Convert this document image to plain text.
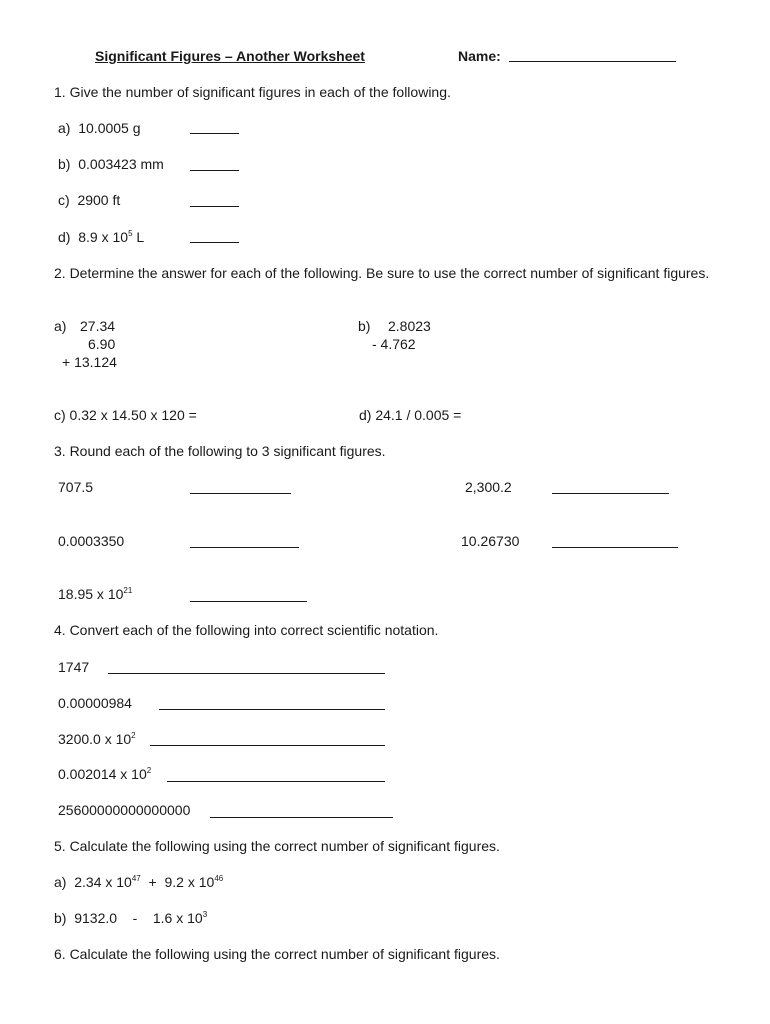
Significant Figures – Another Worksheet	Name:
1. Give the number of significant figures in each of the following.
a) 10.0005 g
b) 0.003423 mm
c) 2900 ft
d) 8.9 x $10^5$ L
2. Determine the answer for each of the following. Be sure to use the correct number of significant figures.
a) 27.34
6.90
+ 13.124
b) 2.8023
- 4.762
c) 0.32 x 14.50 x 120 =	d) 24.1 / 0.005 =
3. Round each of the following to 3 significant figures.
707.5	2,300.2
0.0003350	10.26730
18.95 x $10^{21}$
4. Convert each of the following into correct scientific notation.
1747
0.00000984
3200.0 x $10^2$
0.002014 x $10^2$
25600000000000000
5. Calculate the following using the correct number of significant figures.
a) 2.34 x $10^{47} + 9.2$ x $10^{46}$
b) 9132.0 - 1.6 x $10^3$
6. Calculate the following using the correct number of significant figures.
